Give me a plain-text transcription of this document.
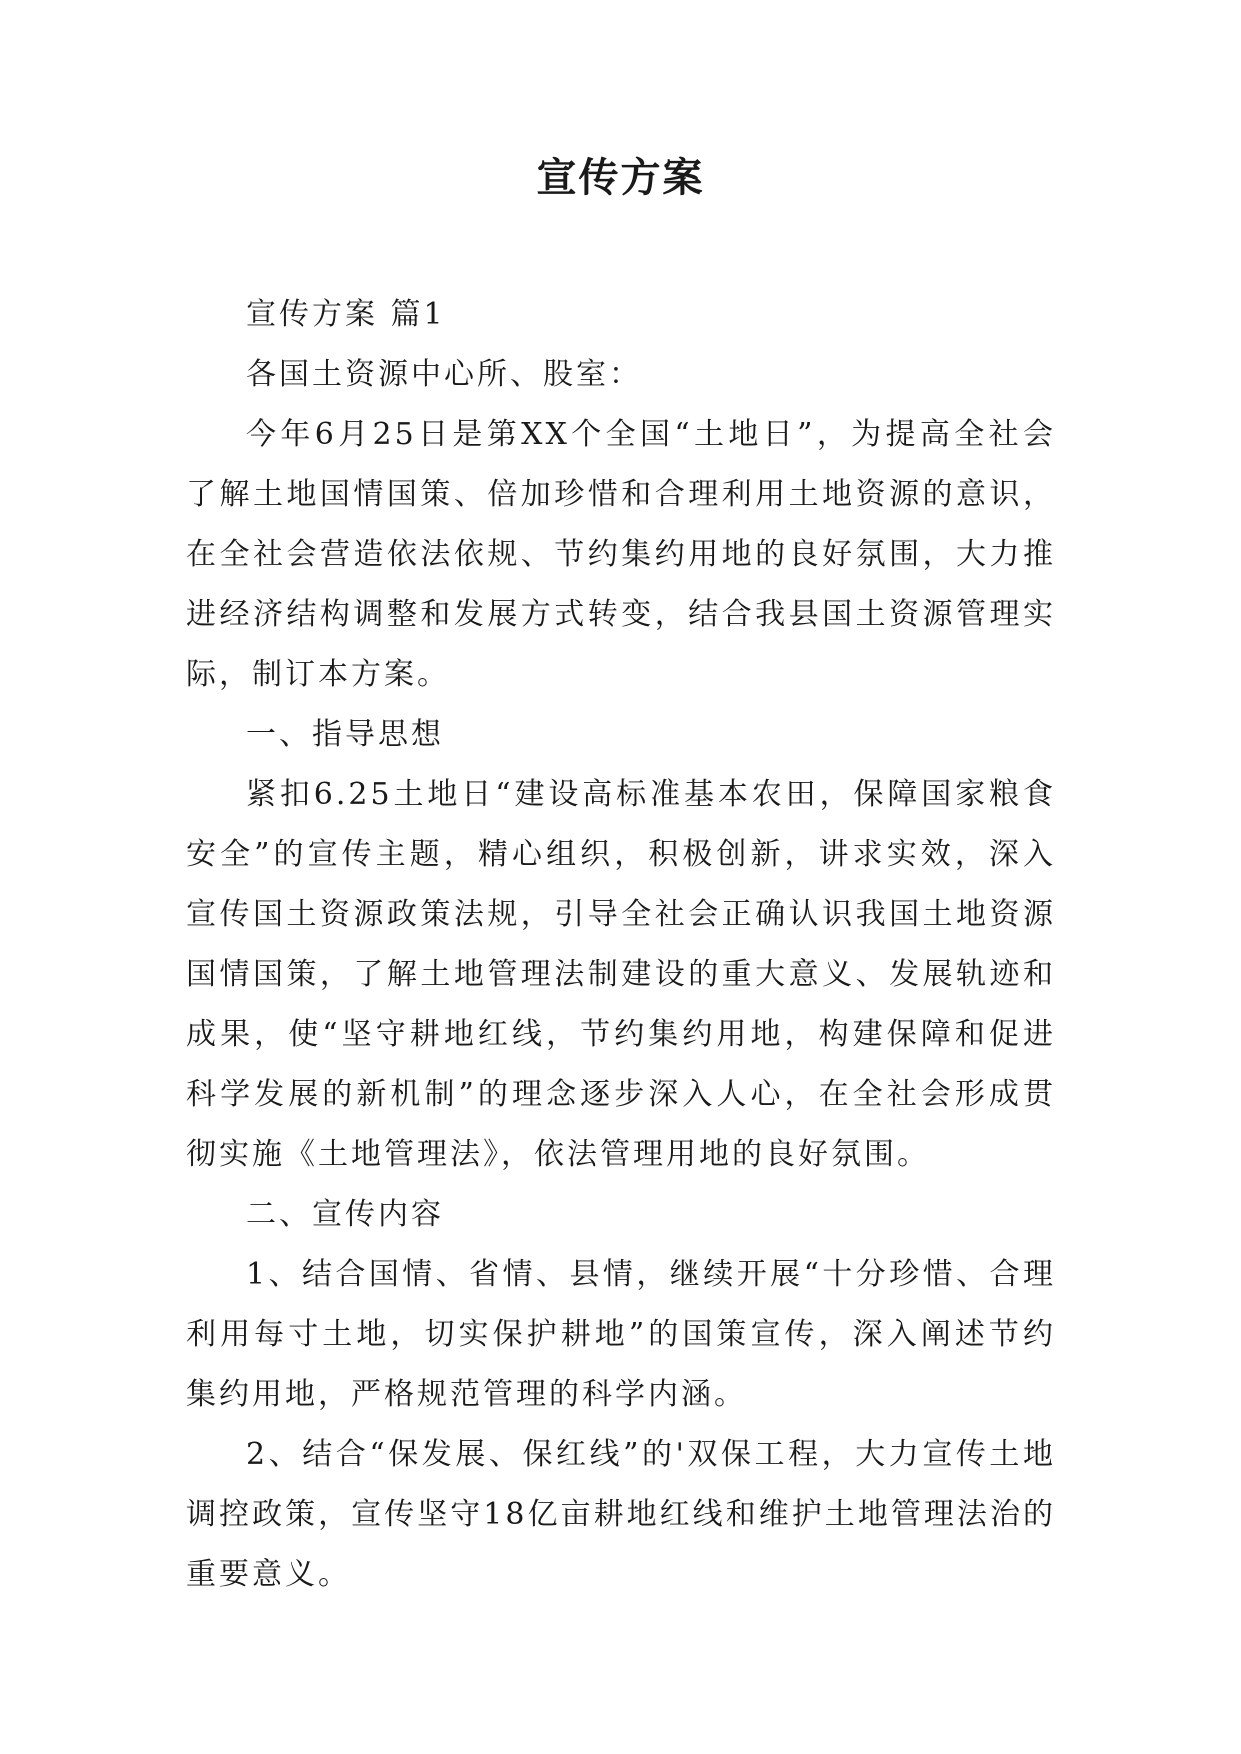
宣传方案

宣传方案 篇1

各国土资源中心所、股室：

今年6月25日是第XX个全国“土地日”，为提高全社会了解土地国情国策、倍加珍惜和合理利用土地资源的意识，在全社会营造依法依规、节约集约用地的良好氛围，大力推进经济结构调整和发展方式转变，结合我县国土资源管理实际，制订本方案。

一、指导思想

紧扣6.25土地日“建设高标准基本农田，保障国家粮食安全”的宣传主题，精心组织，积极创新，讲求实效，深入宣传国土资源政策法规，引导全社会正确认识我国土地资源国情国策，了解土地管理法制建设的重大意义、发展轨迹和成果，使“坚守耕地红线，节约集约用地，构建保障和促进科学发展的新机制”的理念逐步深入人心，在全社会形成贯彻实施《土地管理法》，依法管理用地的良好氛围。

二、宣传内容

1、结合国情、省情、县情，继续开展“十分珍惜、合理利用每寸土地，切实保护耕地”的国策宣传，深入阐述节约集约用地，严格规范管理的科学内涵。

2、结合“保发展、保红线”的'双保工程，大力宣传土地调控政策，宣传坚守18亿亩耕地红线和维护土地管理法治的重要意义。
